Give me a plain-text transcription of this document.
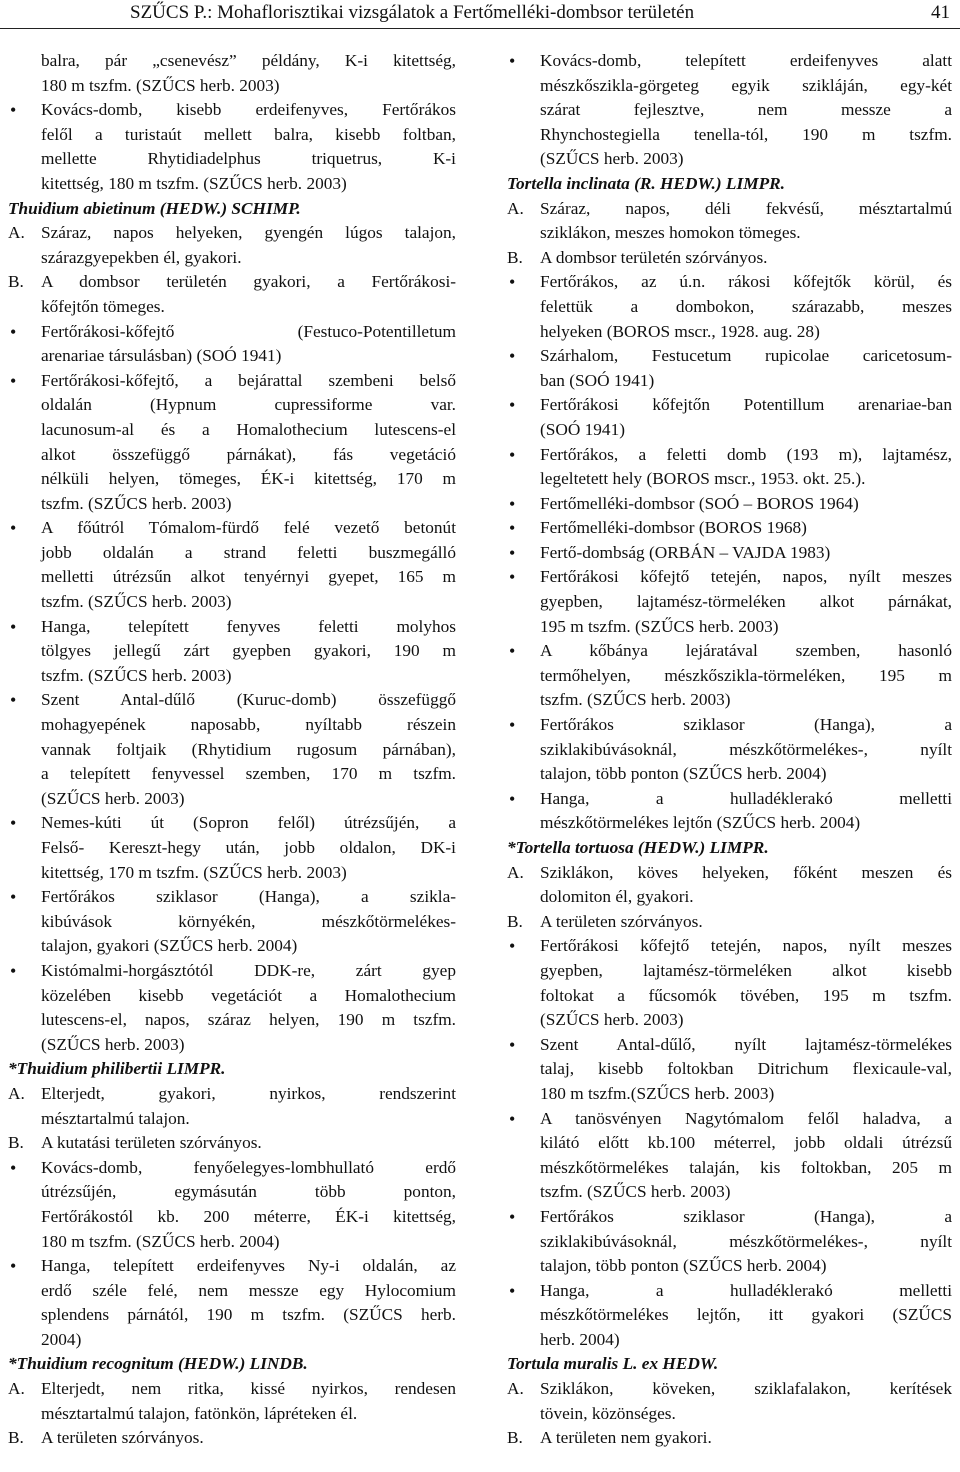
SZŰCS P.: Mohaflorisztikai vizsgálatok a Fertőmelléki-dombsor területén	41
balra, pár „csenevész” példány, K-i kitettség,
180 m tszfm. (SZŰCS herb. 2003)
• Kovács-domb, kisebb erdeifenyves, Fertőrákos
felől a turistaút mellett balra, kisebb foltban,
mellette Rhytidiadelphus triquetrus, K-i
kitettség, 180 m tszfm. (SZŰCS herb. 2003)
Thuidium abietinum (HEDW.) SCHIMP.
A. Száraz, napos helyeken, gyengén lúgos talajon,
szárazgyepekben él, gyakori.
B. A dombsor területén gyakori, a Fertőrákosi-
kőfejtőn tömeges.
• Fertőrákosi-kőfejtő (Festuco-Potentilletum
arenariae társulásban) (SOÓ 1941)
• Fertőrákosi-kőfejtő, a bejárattal szembeni belső
oldalán (Hypnum cupressiforme var.
lacunosum-al és a Homalothecium lutescens-el
alkot összefüggő párnákat), fás vegetáció
nélküli helyen, tömeges, ÉK-i kitettség, 170 m
tszfm. (SZŰCS herb. 2003)
• A főútról Tómalom-fürdő felé vezető betonút
jobb oldalán a strand feletti buszmegálló
melletti útrézsűn alkot tenyérnyi gyepet, 165 m
tszfm. (SZŰCS herb. 2003)
• Hanga, telepített fenyves feletti molyhos
tölgyes jellegű zárt gyepben gyakori, 190 m
tszfm. (SZŰCS herb. 2003)
• Szent Antal-dűlő (Kuruc-domb) összefüggő
mohagyepének naposabb, nyíltabb részein
vannak foltjaik (Rhytidium rugosum párnában),
a telepített fenyvessel szemben, 170 m tszfm.
(SZŰCS herb. 2003)
• Nemes-kúti út (Sopron felől) útrézsűjén, a
Felső- Kereszt-hegy után, jobb oldalon, DK-i
kitettség, 170 m tszfm. (SZŰCS herb. 2003)
• Fertőrákos sziklasor (Hanga), a szikla-
kibúvások környékén, mészkőtörmelékes-
talajon, gyakori (SZŰCS herb. 2004)
• Kistómalmi-horgásztótól DDK-re, zárt gyep
közelében kisebb vegetációt a Homalothecium
lutescens-el, napos, száraz helyen, 190 m tszfm.
(SZŰCS herb. 2003)
*Thuidium philibertii LIMPR.
A. Elterjedt, gyakori, nyirkos, rendszerint
mésztartalmú talajon.
B. A kutatási területen szórványos.
• Kovács-domb, fenyőelegyes-lombhullató erdő
útrézsűjén, egymásután több ponton,
Fertőrákostól kb. 200 méterre, ÉK-i kitettség,
180 m tszfm. (SZŰCS herb. 2004)
• Hanga, telepített erdeifenyves Ny-i oldalán, az
erdő széle felé, nem messze egy Hylocomium
splendens párnától, 190 m tszfm. (SZŰCS herb.
2004)
*Thuidium recognitum (HEDW.) LINDB.
A. Elterjedt, nem ritka, kissé nyirkos, rendesen
mésztartalmú talajon, fatönkön, lápréteken él.
B. A területen szórványos.
• Kovács-domb, telepített erdeifenyves alatt
mészkősziklа-görgeteg egyik szikláján, egy-két
szárat fejlesztve, nem messze a
Rhynchostegiella tenella-tól, 190 m tszfm.
(SZŰCS herb. 2003)
Tortella inclinata (R. HEDW.) LIMPR.
A. Száraz, napos, déli fekvésű, mésztartalmú
sziklákon, meszes homokon tömeges.
B. A dombsor területén szórványos.
• Fertőrákos, az ú.n. rákosi kőfejtők körül, és
felettük a dombokon, szárazabb, meszes
helyeken (BOROS mscr., 1928. aug. 28)
• Szárhalom, Festucetum rupicolae caricetosum-
ban (SOÓ 1941)
• Fertőrákosi kőfejtőn Potentillum arenariae-ban
(SOÓ 1941)
• Fertőrákos, a feletti domb (193 m), lajtamész,
legeltetett hely (BOROS mscr., 1953. okt. 25.).
• Fertőmelléki-dombsor (SOÓ – BOROS 1964)
• Fertőmelléki-dombsor (BOROS 1968)
• Fertő-dombság (ORBÁN – VAJDA 1983)
• Fertőrákosi kőfejtő tetején, napos, nyílt meszes
gyepben, lajtamész-törmeléken alkot párnákat,
195 m tszfm. (SZŰCS herb. 2003)
• A kőbánya lejáratával szemben, hasonló
termőhelyen, mészkősziklа-törmeléken, 195 m
tszfm. (SZŰCS herb. 2003)
• Fertőrákos sziklasor (Hanga), a
sziklakibúvásoknál, mészkőtörmelékes-, nyílt
talajon, több ponton (SZŰCS herb. 2004)
• Hanga, a hulladéklerakó melletti
mészkőtörmelékes lejtőn (SZŰCS herb. 2004)
*Tortella tortuosa (HEDW.) LIMPR.
A. Sziklákon, köves helyeken, főként meszen és
dolomiton él, gyakori.
B. A területen szórványos.
• Fertőrákosi kőfejtő tetején, napos, nyílt meszes
gyepben, lajtamész-törmeléken alkot kisebb
foltokat a fűcsomók tövében, 195 m tszfm.
(SZŰCS herb. 2003)
• Szent Antal-dűlő, nyílt lajtamész-törmelékes
talaj, kisebb foltokban Ditrichum flexicaule-val,
180 m tszfm.(SZŰCS herb. 2003)
• A tanösvényen Nagytómalom felől haladva, a
kilátó előtt kb.100 méterrel, jobb oldali útrézsű
mészkőtörmelékes talaján, kis foltokban, 205 m
tszfm. (SZŰCS herb. 2003)
• Fertőrákos sziklasor (Hanga), a
sziklakibúvásoknál, mészkőtörmelékes-, nyílt
talajon, több ponton (SZŰCS herb. 2004)
• Hanga, a hulladéklerakó melletti
mészkőtörmelékes lejtőn, itt gyakori (SZŰCS
herb. 2004)
Tortula muralis L. ex HEDW.
A. Sziklákon, köveken, sziklafalakon, kerítések
tövein, közönséges.
B. A területen nem gyakori.
